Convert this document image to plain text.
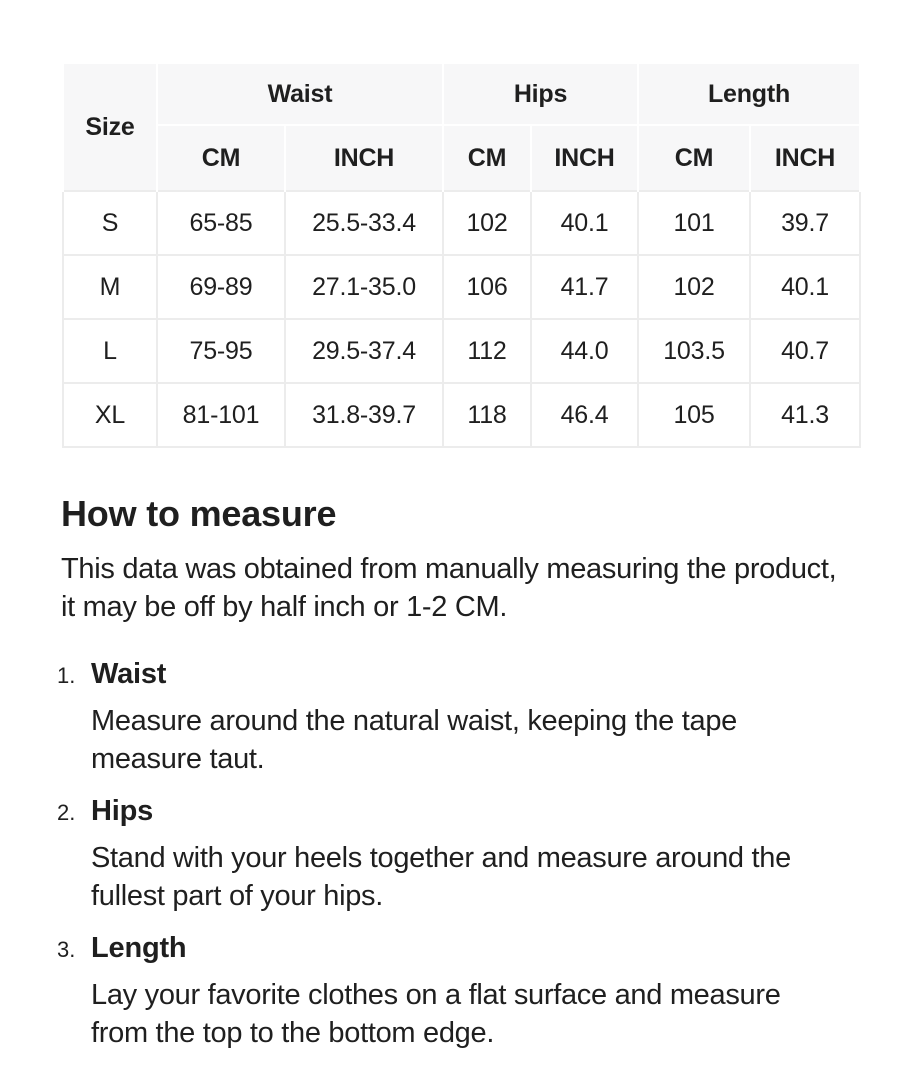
Size	Waist		Hips		Length	
	CM	INCH	CM	INCH	CM	INCH
S	65-85	25.5-33.4	102	40.1	101	39.7
M	69-89	27.1-35.0	106	41.7	102	40.1
L	75-95	29.5-37.4	112	44.0	103.5	40.7
XL	81-101	31.8-39.7	118	46.4	105	41.3
How to measure

This data was obtained from manually measuring the product,
it may be off by half inch or 1-2 CM.

1. Waist
Measure around the natural waist, keeping the tape
measure taut.
2. Hips
Stand with your heels together and measure around the
fullest part of your hips.
3. Length
Lay your favorite clothes on a flat surface and measure
from the top to the bottom edge.
